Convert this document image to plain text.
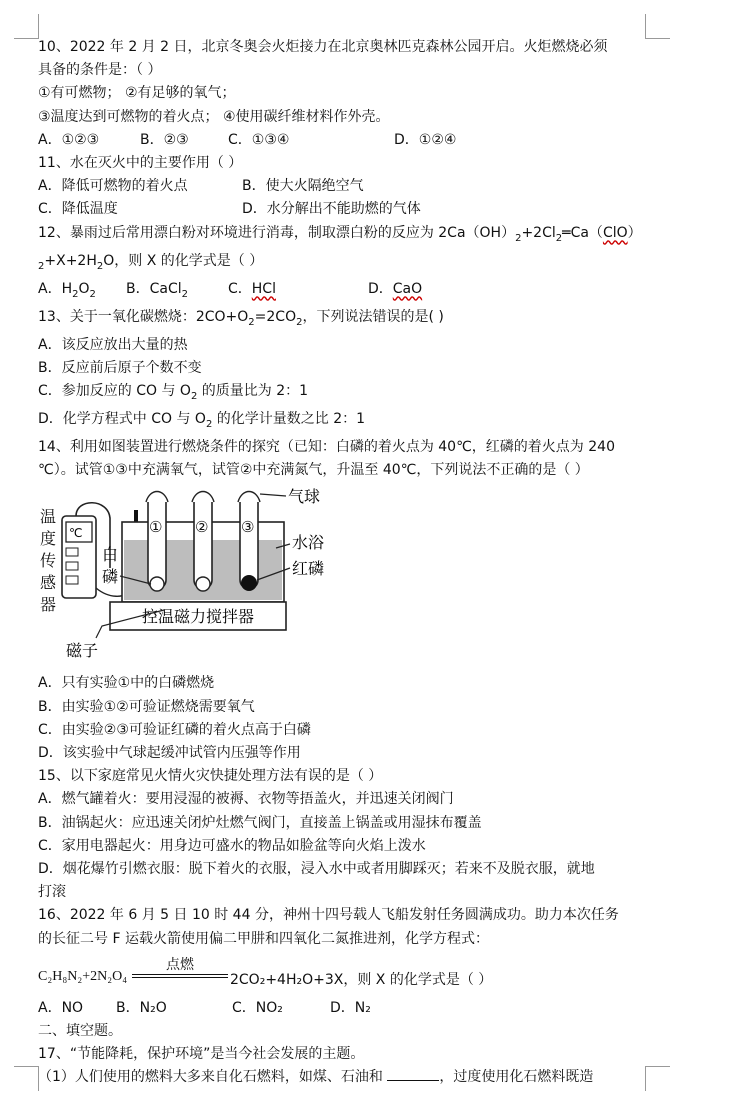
10、2022 年 2 月 2 日，北京冬奥会火炬接力在北京奥林匹克森林公园开启。火炬燃烧必须
具备的条件是：（ ）
①有可燃物； ②有足够的氧气；
③温度达到可燃物的着火点； ④使用碳纤维材料作外壳。
A．①②③	B．②③	C．①③④	D．①②④
11、水在灭火中的主要作用（ ）
A．降低可燃物的着火点	B．使大火隔绝空气
C．降低温度	D．水分解出不能助燃的气体
12、暴雨过后常用漂白粉对环境进行消毒，制取漂白粉的反应为 $2Ca(OH)_2+2Cl_2═Ca(ClO)$
$_2+X+2H_2O$，则 X 的化学式是（ ）
A．$H_2O_2$	B．CaCl$_2$	C．HCl	D．CaO
13、关于一氧化碳燃烧：$2CO+O_2=2CO_2$，下列说法错误的是( )
A．该反应放出大量的热
B．反应前后原子个数不变
C．参加反应的 CO 与 $O_2$ 的质量比为 2：1
D．化学方程式中 CO 与 $O_2$ 的化学计量数之比 2：1
14、利用如图装置进行燃烧条件的探究（已知：白磷的着火点为 40℃，红磷的着火点为 240
℃）。试管①③中充满氧气，试管②中充满氮气，升温至 40℃，下列说法不正确的是（ ）
温
度
传
感
器
℃	① ② ③
控温磁力搅拌器
气球
水浴
红磷
白
磷
磁子
A．只有实验①中的白磷燃烧
B．由实验①②可验证燃烧需要氧气
C．由实验②③可验证红磷的着火点高于白磷
D．该实验中气球起缓冲试管内压强等作用
15、以下家庭常见火情火灾快捷处理方法有误的是（ ）
A．燃气罐着火：要用浸湿的被褥、衣物等捂盖火，并迅速关闭阀门
B．油锅起火：应迅速关闭炉灶燃气阀门，直接盖上锅盖或用湿抹布覆盖
C．家用电器起火：用身边可盛水的物品如脸盆等向火焰上泼水
D．烟花爆竹引燃衣服：脱下着火的衣服，浸入水中或者用脚踩灭；若来不及脱衣服，就地
打滚
16、2022 年 6 月 5 日 10 时 44 分，神州十四号载人飞船发射任务圆满成功。助力本次任务
的长征二号 F 运载火箭使用偏二甲肼和四氧化二氮推进剂，化学方程式：
C₂H₈N₂+2N₂O₄
点燃
2CO₂+4H₂O+3X，则 X 的化学式是（ ）
A．NO	B．N₂O	C．NO₂	D．N₂
二、填空题。
17、“节能降耗，保护环境”是当今社会发展的主题。
（1）人们使用的燃料大多来自化石燃料，如煤、石油和	，过度使用化石燃料既造
